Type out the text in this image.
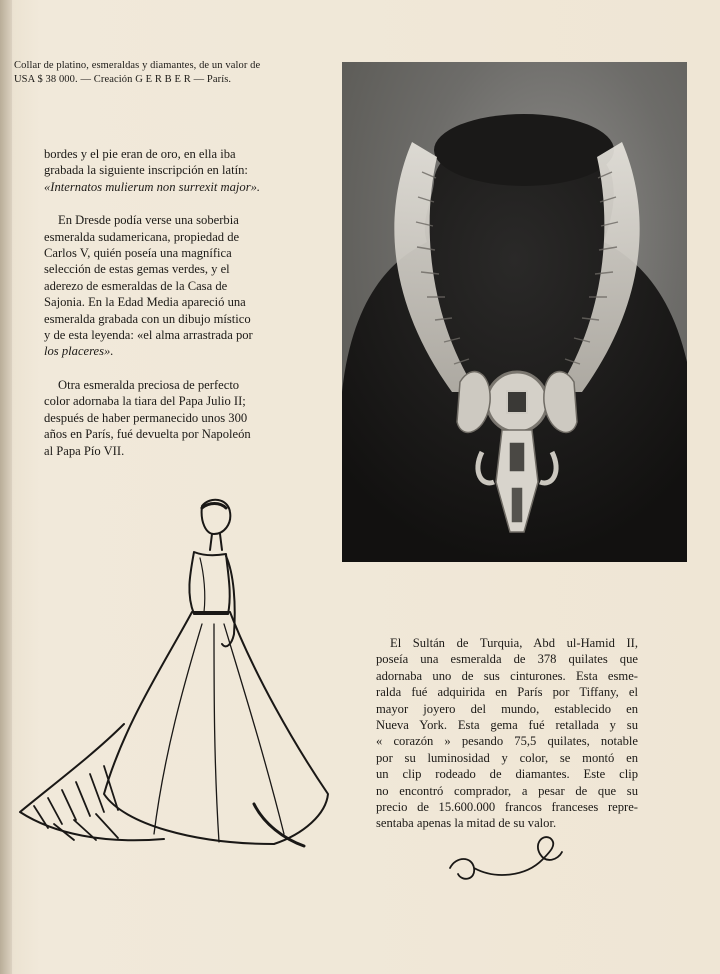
Collar de platino, esmeraldas y diamantes, de un valor de
USA $ 38 000. — Creación G E R B E R — París.

bordes y el pie eran de oro, en ella iba
grabada la siguiente inscripción en latín:
«Internatos mulierum non surrexit major».

En Dresde podía verse una soberbia
esmeralda sudamericana, propiedad de
Carlos V, quién poseía una magnífica
selección de estas gemas verdes, y el
aderezo de esmeraldas de la Casa de
Sajonia. En la Edad Media apareció una
esmeralda grabada con un dibujo místico
y de esta leyenda: «el alma arrastrada por
los placeres».

Otra esmeralda preciosa de perfecto
color adornaba la tiara del Papa Julio II;
después de haber permanecido unos 300
años en París, fué devuelta por Napoleón
al Papa Pío VII.

El Sultán de Turquia, Abd ul-Hamid II,
poseía una esmeralda de 378 quilates que
adornaba uno de sus cinturones. Esta esme-
ralda fué adquirida en París por Tiffany, el
mayor joyero del mundo, establecido en
Nueva York. Esta gema fué retallada y su
« corazón » pesando 75,5 quilates, notable
por su luminosidad y color, se montó en
un clip rodeado de diamantes. Este clip
no encontró comprador, a pesar de que su
precio de 15.600.000 francos franceses repre-
sentaba apenas la mitad de su valor.
